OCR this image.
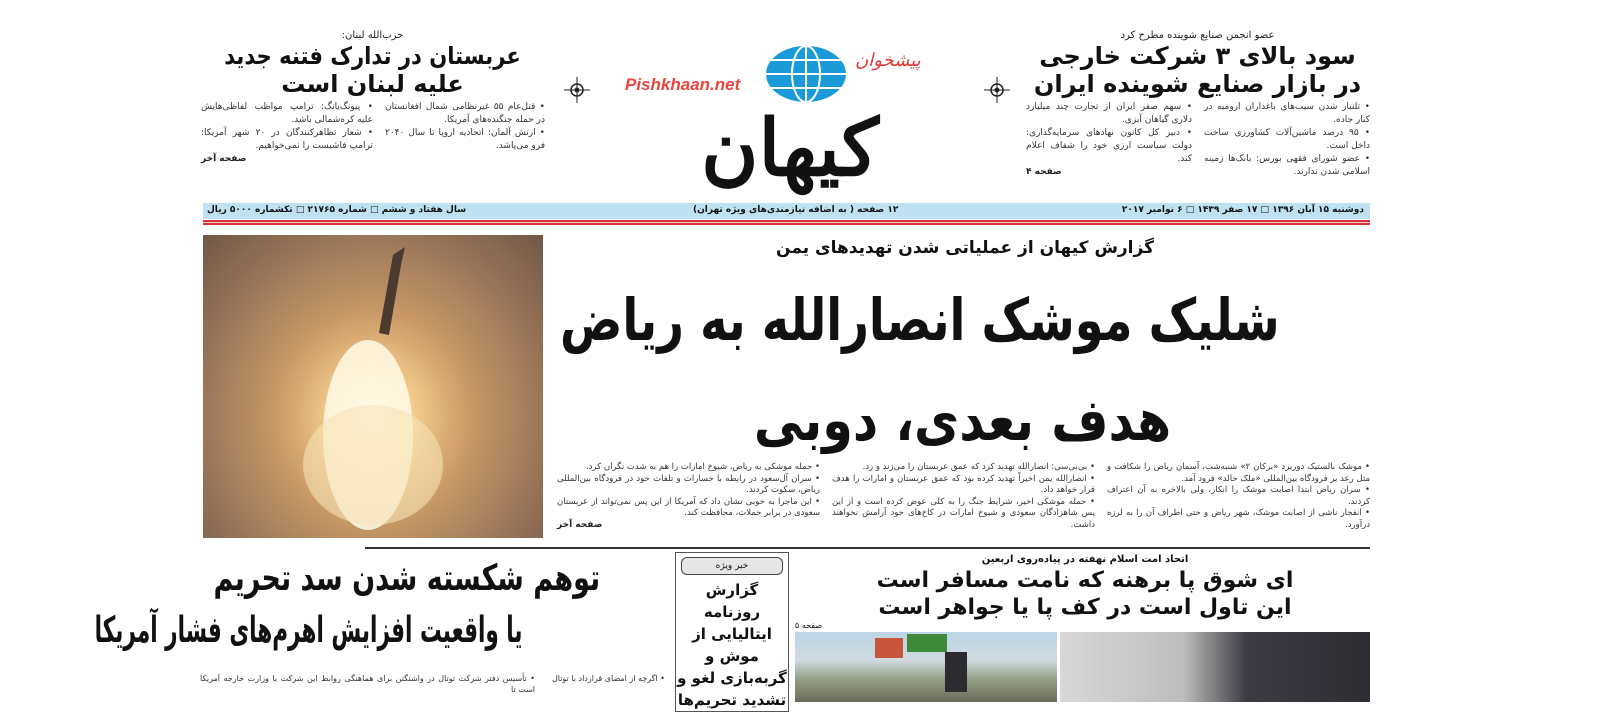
پیشخوان
Pishkhaan.net
کیهان
عضو انجمن صنایع شوینده مطرح کرد
سود بالای ۳ شرکت خارجی
در بازار صنایع شوینده ایران

• تلنبار شدن سیب‌های باغداران ارومیه در کنار جاده.

• ۹۵ درصد ماشین‌آلات کشاورزی ساخت داخل است.

• عضو شورای فقهی بورس: بانک‌ها زمینه اسلامی شدن ندارند.

• سهم صفر ایران از تجارت چند میلیارد دلاری گیاهان آبزی.

• دبیر کل کانون نهادهای سرمایه‌گذاری: دولت سیاست ارزی خود را شفاف اعلام کند.

صفحه ۴

حزب‌الله لبنان:
عربستان در تدارک فتنه جدید
علیه لبنان است

• قتل‌عام ۵۵ غیرنظامی شمال افغانستان در حمله جنگنده‌های آمریکا.

• ارتش آلمان: اتحادیه اروپا تا سال ۲۰۴۰ فرو می‌پاشد.

• پیونگ‌یانگ: ترامپ مواظب لفاظی‌هایش علیه کره‌شمالی باشد.

• شعار تظاهرکنندگان در ۲۰ شهر آمریکا: ترامپ فاشیست را نمی‌خواهیم.

صفحه آخر

دوشنبه ۱۵ آبان ۱۳۹۶ □ ۱۷ صفر ۱۴۳۹ □ ۶ نوامبر ۲۰۱۷
۱۲ صفحه ( به اضافه نیازمندی‌های ویژه تهران)
سال هفتاد و ششم □ شماره ۲۱۷۶۵ □ تکشماره ۵۰۰۰ ریال
گزارش کیهان از عملیاتی شدن تهدیدهای یمن
شلیک موشک انصارالله به ریاض
هدف بعدی، دوبی

• موشک بالستیک دوربرد «برکان ۲» شنبه‌شب، آسمان ریاض را شکافت و مثل رعد بر فرودگاه بین‌المللی «ملک خالد» فرود آمد.

• سران ریاض ابتدا اصابت موشک را انکار، ولی بالاخره به آن اعتراف کردند.

• انفجار ناشی از اصابت موشک، شهر ریاض و حتی اطراف آن را به لرزه درآورد.

• بی‌بی‌سی: انصارالله تهدید کرد که عمق عربستان را می‌زند و زد.

• انصارالله یمن اخیراً تهدید کرده بود که عمق عربستان و امارات را هدف قرار خواهد داد.

• حمله موشکی اخیر، شرایط جنگ را به کلی عوض کرده است و از این پس شاهزادگان سعودی و شیوخ امارات در کاخ‌های خود آرامش نخواهند داشت.

• حمله موشکی به ریاض، شیوخ امارات را هم به شدت نگران کرد.

• سران آل‌سعود در رابطه با خسارات و تلفات خود در فرودگاه بین‌المللی ریاض، سکوت کردند.

• این ماجرا به خوبی نشان داد که آمریکا از این پس نمی‌تواند از عربستان سعودی در برابر حملات، محافظت کند.

صفحه آخر

خبر ویژه
گزارش روزنامه ایتالیایی از موش و گربه‌بازی لغو و تشدید تحریم‌ها
اتحاد امت اسلام نهفته در پیاده‌روی اربعین
ای شوق پا برهنه که نامت مسافر است
این تاول است در کف پا یا جواهر است
صفحه ۵
توهم شکسته شدن سد تحریم
یا واقعیت افزایش اهرم‌های فشار آمریکا
• اگرچه از امضای قرارداد با توتال
• تأسیس دفتر شرکت توتال در واشنگتن برای هماهنگی روابط این شرکت با وزارت خارجه آمریکا است تا
